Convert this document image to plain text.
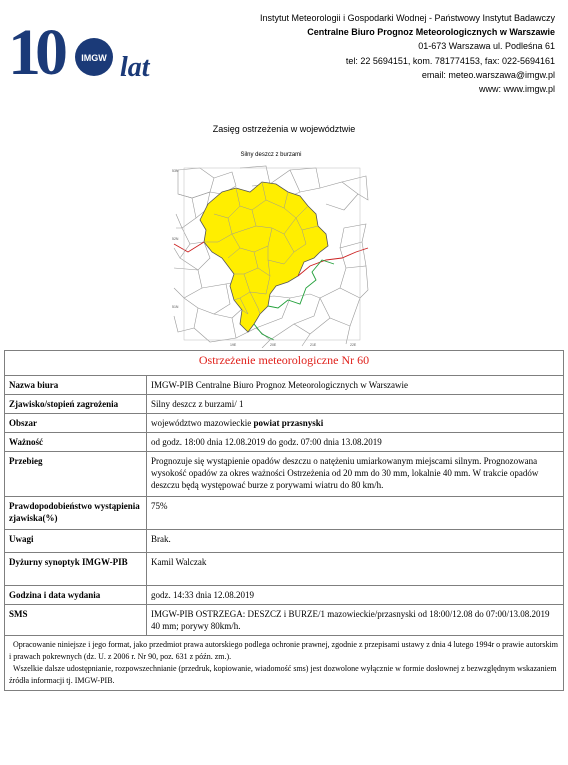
10	IMGW lat
Instytut Meteorologii i Gospodarki Wodnej - Państwowy Instytut Badawczy
Centralne Biuro Prognoz Meteorologicznych w Warszawie
01-673 Warszawa ul. Podleśna 61
tel: 22 5694151, kom. 781774153, fax: 022-5694161
email: meteo.warszawa@imgw.pl
www: www.imgw.pl
Zasięg ostrzeżenia w województwie
53N
52N
51N
19E	20E	21E	22E
Silny deszcz z burzami
Ostrzeżenie meteorologiczne Nr 60	
Nazwa biura	IMGW-PIB Centralne Biuro Prognoz Meteorologicznych w Warszawie
Zjawisko/stopień zagrożenia	Silny deszcz z burzami/ 1
Obszar	województwo mazowieckie powiat przasnyski
Ważność	od godz. 18:00 dnia 12.08.2019 do godz. 07:00 dnia 13.08.2019
Przebieg	Prognozuje się wystąpienie opadów deszczu o natężeniu umiarkowanym miejscami silnym. Prognozowana wysokość opadów za okres ważności Ostrzeżenia od 20 mm do 30 mm, lokalnie 40 mm. W trakcie opadów deszczu będą występować burze z porywami wiatru do 80 km/h.
Prawdopodobieństwo wystąpienia zjawiska(%)	75%
Uwagi	Brak.
Dyżurny synoptyk IMGW-PIB	Kamil Walczak
Godzina i data wydania	godz. 14:33 dnia 12.08.2019
SMS	IMGW-PIB OSTRZEGA: DESZCZ i BURZE/1 mazowieckie/przasnyski od 18:00/12.08 do 07:00/13.08.2019 40 mm; porywy 80km/h.

Opracowanie niniejsze i jego format, jako przedmiot prawa autorskiego podlega ochronie prawnej, zgodnie z przepisami ustawy z dnia 4 lutego 1994r o prawie autorskim i prawach pokrewnych (dz. U. z 2006 r. Nr 90, poz. 631 z późn. zm.).
Wszelkie dalsze udostępnianie, rozpowszechnianie (przedruk, kopiowanie, wiadomość sms) jest dozwolone wyłącznie w formie dosłownej z bezwzględnym wskazaniem źródła informacji tj. IMGW-PIB.	
